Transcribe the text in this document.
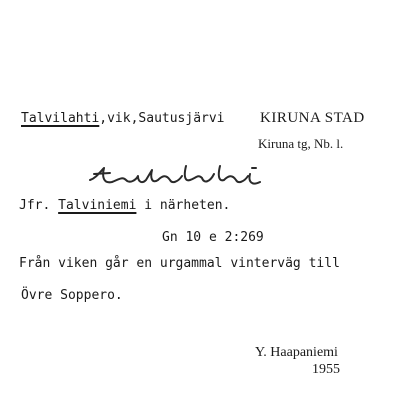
Talvilahti,vik,Sautusjärvi KIRUNA STAD
Kiruna tg, Nb. l.
Jfr. Talviniemi i närheten.
Gn 10 e 2:269
Från viken går en urgammal vinterväg till
Övre Soppero.
Y. Haapaniemi
1955
